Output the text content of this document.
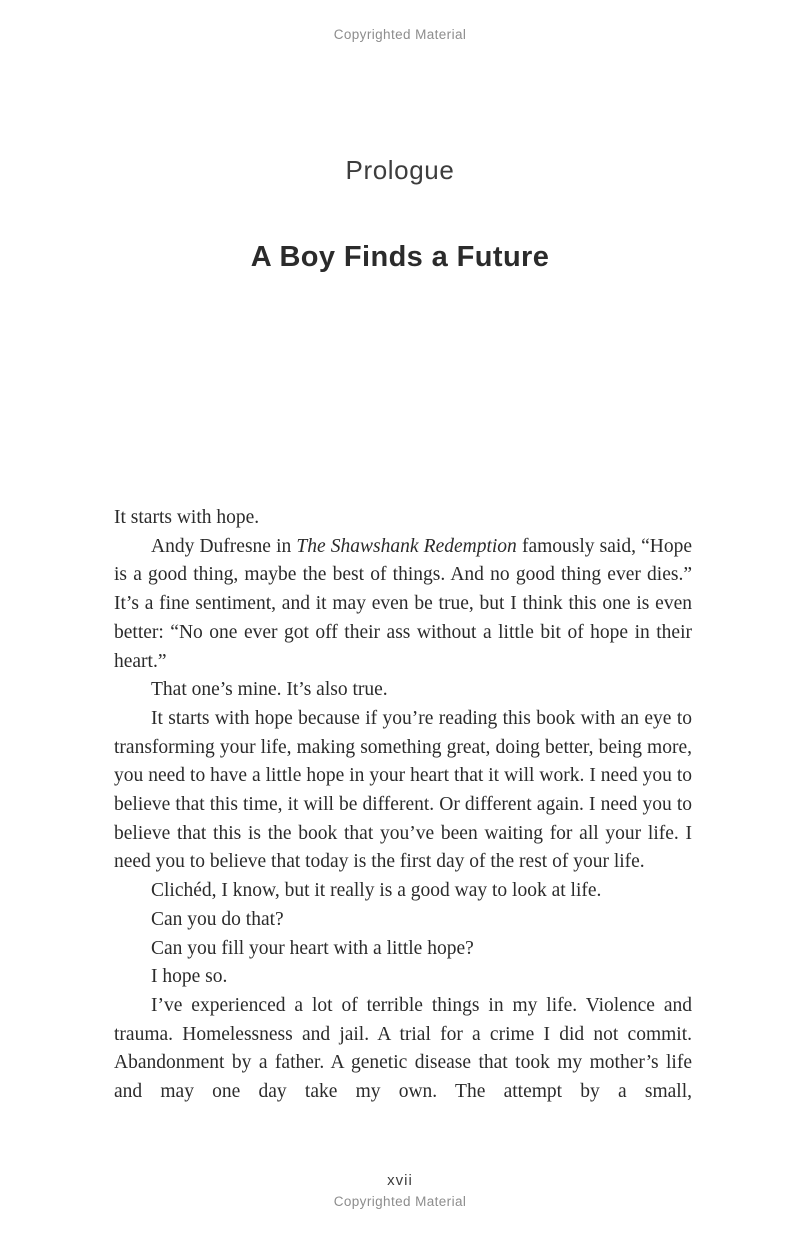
Copyrighted Material
Prologue
A Boy Finds a Future

It starts with hope.

Andy Dufresne in The Shawshank Redemption famously said, “Hope is a good thing, maybe the best of things. And no good thing ever dies.” It’s a fine sentiment, and it may even be true, but I think this one is even better: “No one ever got off their ass without a little bit of hope in their heart.”

That one’s mine. It’s also true.

It starts with hope because if you’re reading this book with an eye to transforming your life, making something great, doing better, being more, you need to have a little hope in your heart that it will work. I need you to believe that this time, it will be different. Or different again. I need you to believe that this is the book that you’ve been waiting for all your life. I need you to believe that today is the first day of the rest of your life.

Clichéd, I know, but it really is a good way to look at life.

Can you do that?

Can you fill your heart with a little hope?

I hope so.

I’ve experienced a lot of terrible things in my life. Violence and trauma. Homelessness and jail. A trial for a crime I did not commit. Abandonment by a father. A genetic disease that took my mother’s life and may one day take my own. The attempt by a small,

xvii
Copyrighted Material
